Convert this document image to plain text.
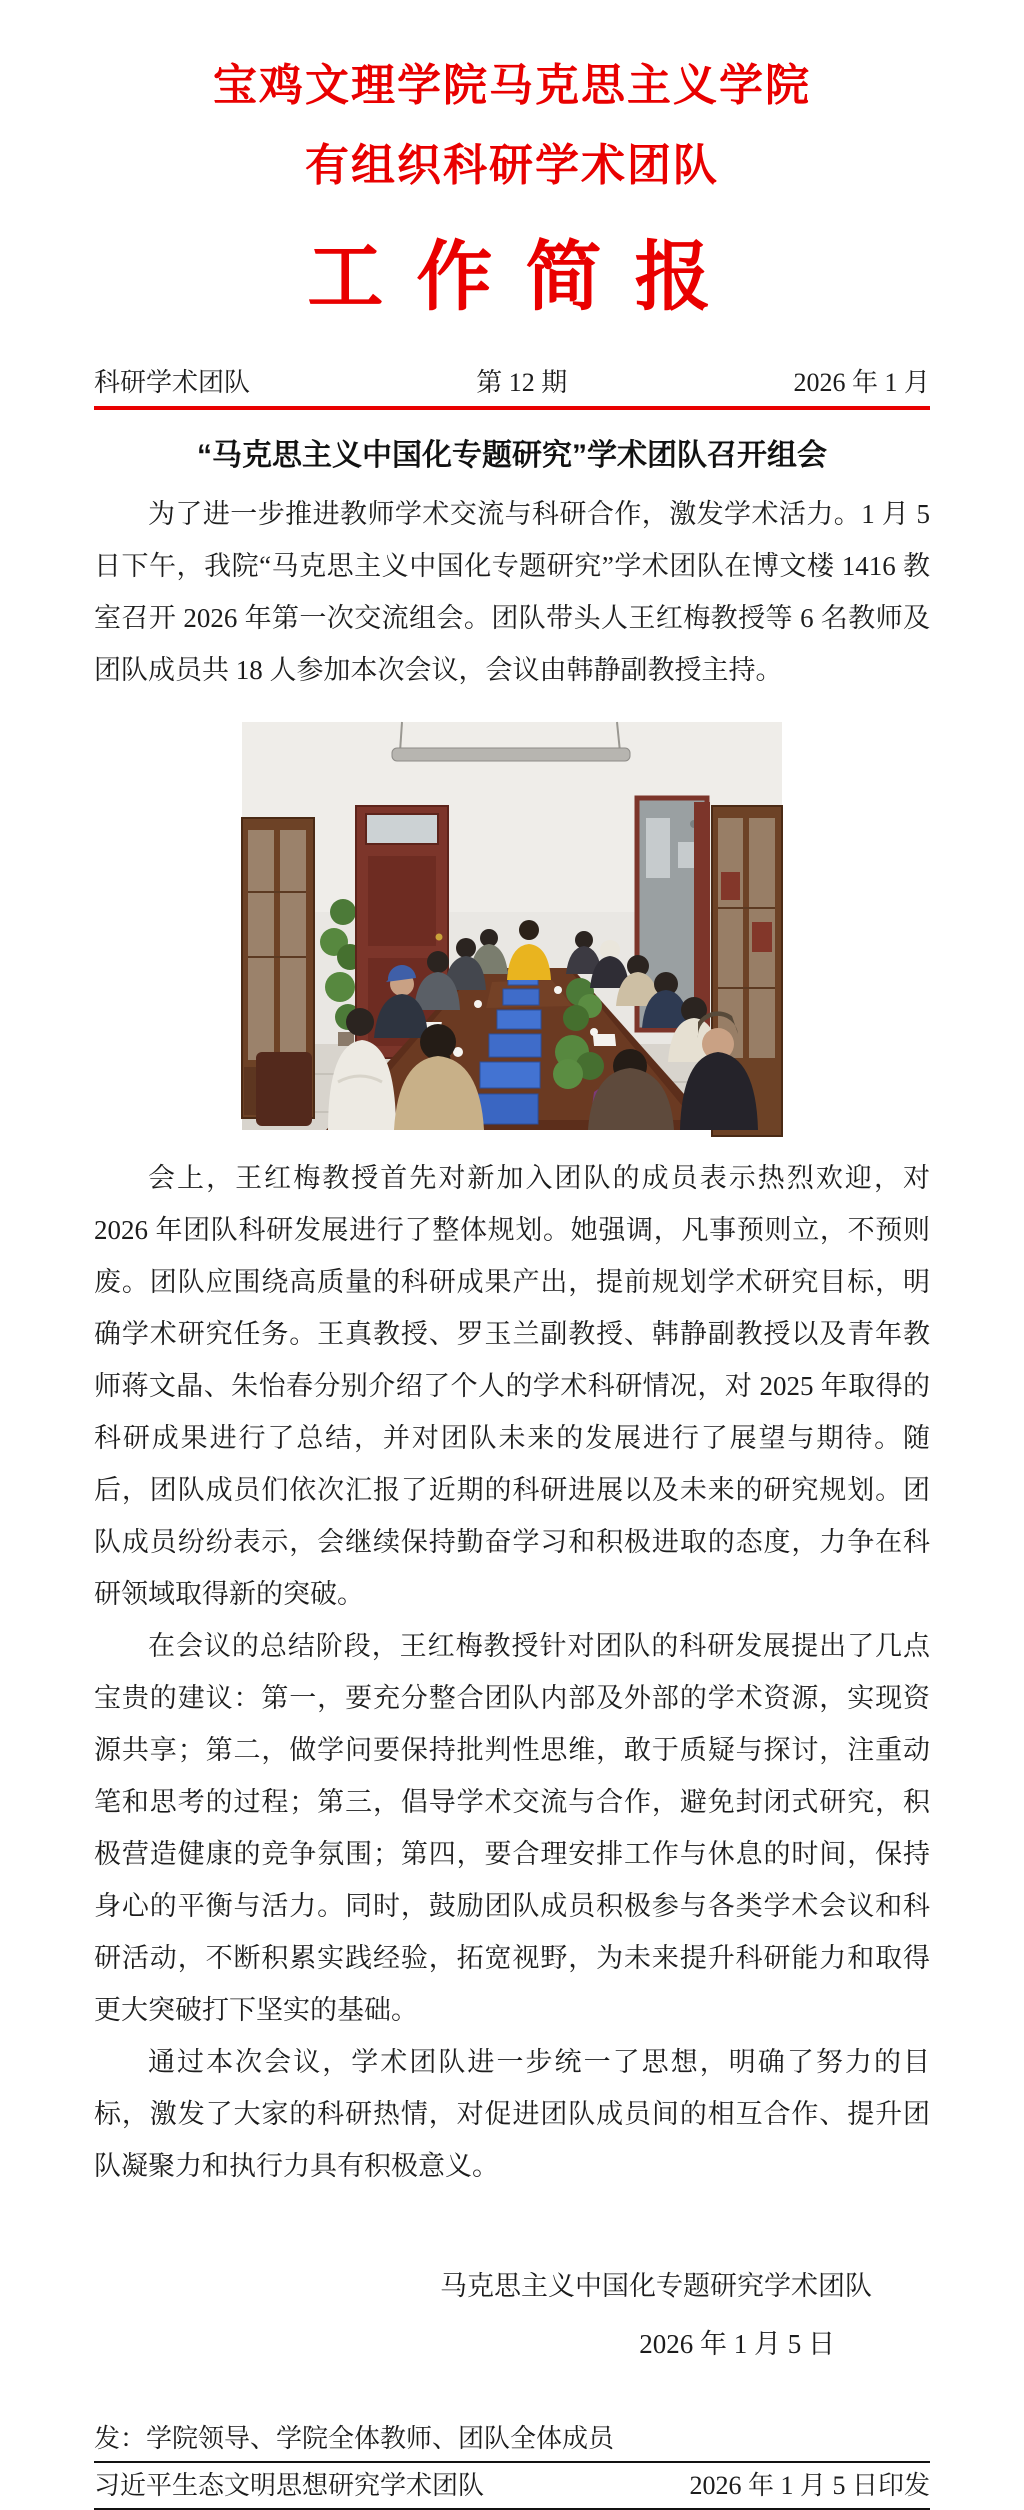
宝鸡文理学院马克思主义学院
有组织科研学术团队
工 作 简 报
科研学术团队	第 12 期	2026 年 1 月
“马克思主义中国化专题研究”学术团队召开组会

为了进一步推进教师学术交流与科研合作，激发学术活力。1 月 5 日下午，我院“马克思主义中国化专题研究”学术团队在博文楼 1416 教室召开 2026 年第一次交流组会。团队带头人王红梅教授等 6 名教师及团队成员共 18 人参加本次会议，会议由韩静副教授主持。

会上，王红梅教授首先对新加入团队的成员表示热烈欢迎，对 2026 年团队科研发展进行了整体规划。她强调，凡事预则立，不预则废。团队应围绕高质量的科研成果产出，提前规划学术研究目标，明确学术研究任务。王真教授、罗玉兰副教授、韩静副教授以及青年教师蒋文晶、朱怡春分别介绍了个人的学术科研情况，对 2025 年取得的科研成果进行了总结，并对团队未来的发展进行了展望与期待。随后，团队成员们依次汇报了近期的科研进展以及未来的研究规划。团队成员纷纷表示，会继续保持勤奋学习和积极进取的态度，力争在科研领域取得新的突破。

在会议的总结阶段，王红梅教授针对团队的科研发展提出了几点宝贵的建议：第一，要充分整合团队内部及外部的学术资源，实现资源共享；第二，做学问要保持批判性思维，敢于质疑与探讨，注重动笔和思考的过程；第三，倡导学术交流与合作，避免封闭式研究，积极营造健康的竞争氛围；第四，要合理安排工作与休息的时间，保持身心的平衡与活力。同时，鼓励团队成员积极参与各类学术会议和科研活动，不断积累实践经验，拓宽视野，为未来提升科研能力和取得更大突破打下坚实的基础。

通过本次会议，学术团队进一步统一了思想，明确了努力的目标，激发了大家的科研热情，对促进团队成员间的相互合作、提升团队凝聚力和执行力具有积极意义。

马克思主义中国化专题研究学术团队
2026 年 1 月 5 日
发：学院领导、学院全体教师、团队全体成员
习近平生态文明思想研究学术团队	2026 年 1 月 5 日印发
